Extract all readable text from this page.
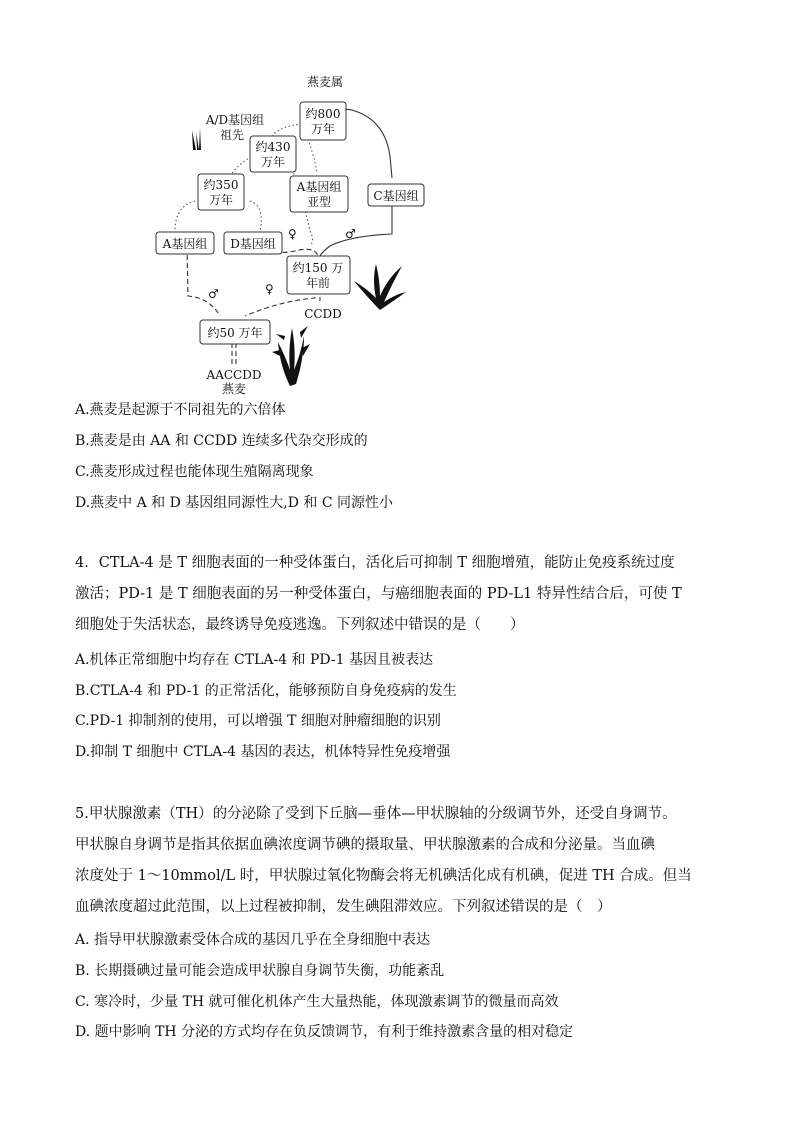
燕麦属
A/D基因组
祖先
约800
万年
约430
万年
约350
万年
A基因组
亚型	C基因组
A基因组 D基因组
约150 万
年前
CCDD
约50 万年
AACCDD
燕麦
♀	♂
♂	♀
A.燕麦是起源于不同祖先的六倍体
B.燕麦是由 AA 和 CCDD 连续多代杂交形成的
C.燕麦形成过程也能体现生殖隔离现象
D.燕麦中 A 和 D 基因组同源性大,D 和 C 同源性小

4．CTLA-4 是 T 细胞表面的一种受体蛋白，活化后可抑制 T 细胞增殖，能防止免疫系统过度

激活；PD-1 是 T 细胞表面的另一种受体蛋白，与癌细胞表面的 PD-L1 特异性结合后，可使 T

细胞处于失活状态，最终诱导免疫逃逸。下列叙述中错误的是（　　）

A.机体正常细胞中均存在 CTLA-4 和 PD-1 基因且被表达
B.CTLA-4 和 PD-1 的正常活化，能够预防自身免疫病的发生
C.PD-1 抑制剂的使用，可以增强 T 细胞对肿瘤细胞的识别
D.抑制 T 细胞中 CTLA-4 基因的表达，机体特异性免疫增强

5.甲状腺激素（TH）的分泌除了受到下丘脑—垂体—甲状腺轴的分级调节外，还受自身调节。

甲状腺自身调节是指其依据血碘浓度调节碘的摄取量、甲状腺激素的合成和分泌量。当血碘

浓度处于 1～10mmol/L 时，甲状腺过氧化物酶会将无机碘活化成有机碘，促进 TH 合成。但当

血碘浓度超过此范围，以上过程被抑制，发生碘阻滞效应。下列叙述错误的是（　）

A. 指导甲状腺激素受体合成的基因几乎在全身细胞中表达
B. 长期摄碘过量可能会造成甲状腺自身调节失衡，功能紊乱
C. 寒冷时，少量 TH 就可催化机体产生大量热能，体现激素调节的微量而高效
D. 题中影响 TH 分泌的方式均存在负反馈调节，有利于维持激素含量的相对稳定
